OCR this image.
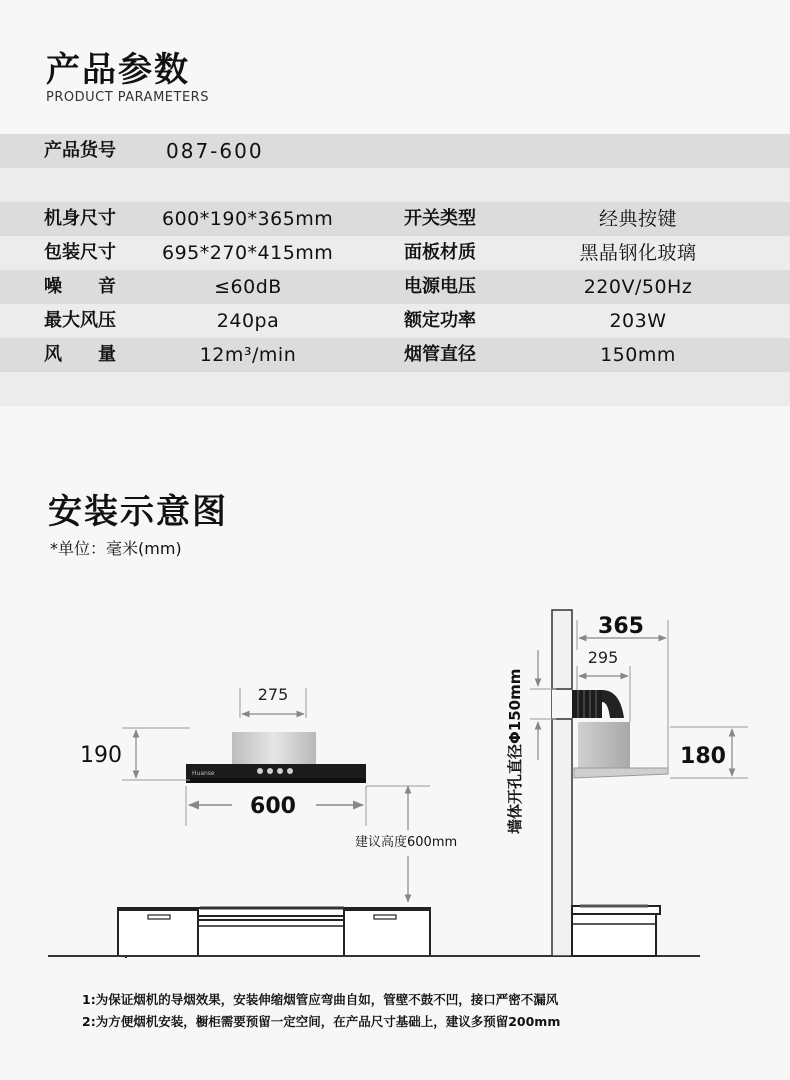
产品参数
PRODUCT PARAMETERS
产品货号	087-600
机身尺寸 600*190*365mm	开关类型	经典按键
包装尺寸 695*270*415mm	面板材质	黑晶钢化玻璃
噪　　音	≤60dB	电源电压	220V/50Hz
最大风压	240pa	额定功率	203W
风　　量	12m³/min	烟管直径	150mm
安装示意图
*单位：毫米(mm)
275
Huanse
190
600
建议高度600mm
墙体开孔直径Φ150mm
295
365
180
1:为保证烟机的导烟效果，安装伸缩烟管应弯曲自如，管壁不鼓不凹，接口严密不漏风
2:为方便烟机安装，橱柜需要预留一定空间，在产品尺寸基础上，建议多预留200mm
